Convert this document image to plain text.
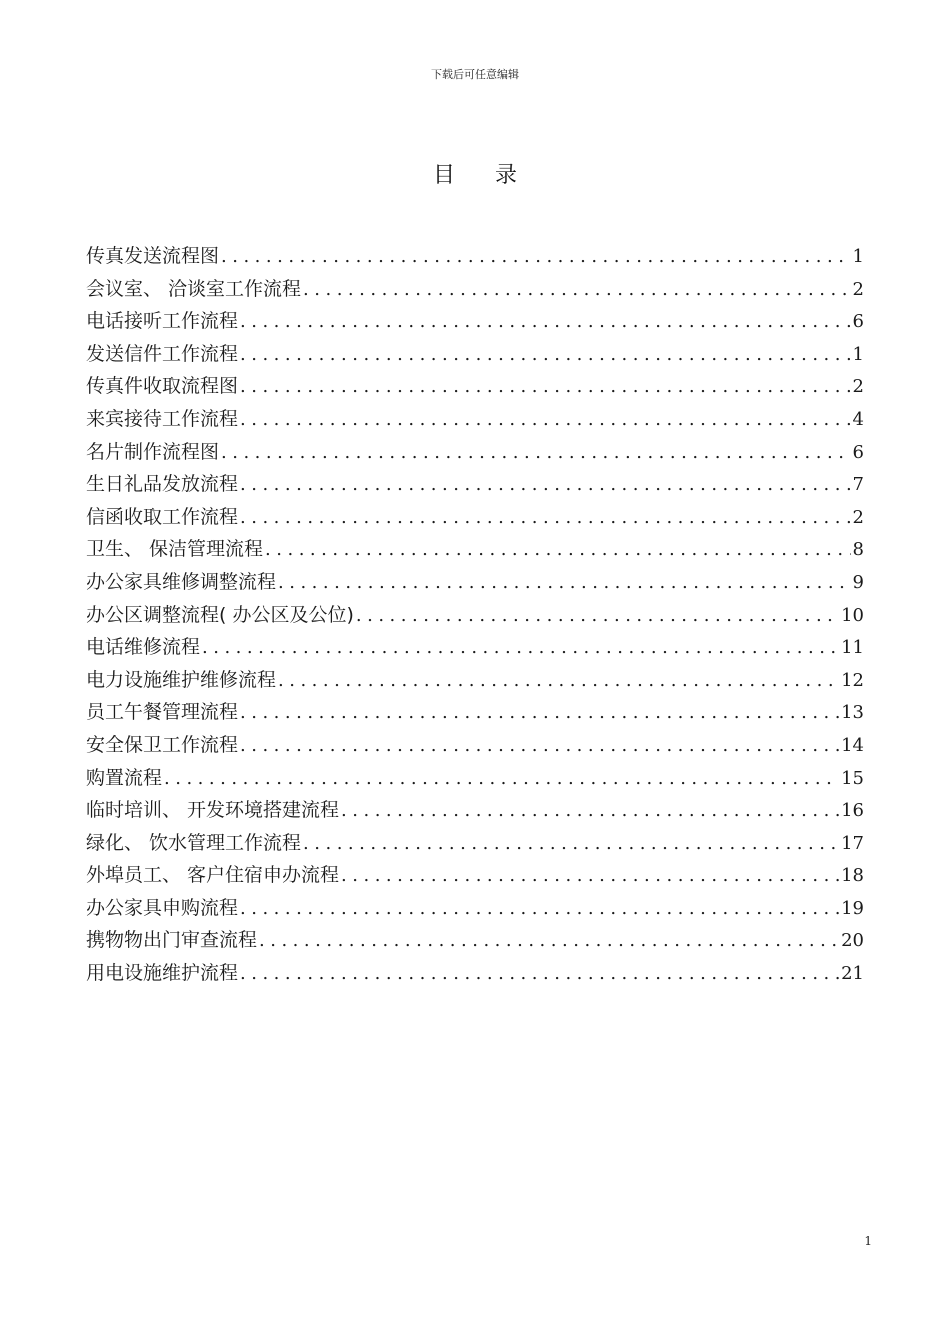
下载后可任意编辑
目录
传真发送流程图 .....	1
会议室、 洽谈室工作流程 .....	2
电话接听工作流程 .....	6
发送信件工作流程 .....	1
传真件收取流程图 .....	2
来宾接待工作流程 .....	4
名片制作流程图 .....	6
生日礼品发放流程 .....	7
信函收取工作流程 .....	2
卫生、 保洁管理流程 .....	8
办公家具维修调整流程 .....	9
办公区调整流程( 办公区及公位) .....	10
电话维修流程 .....	11
电力设施维护维修流程 .....	12
员工午餐管理流程 .....	13
安全保卫工作流程 .....	14
购置流程 .....	15
临时培训、 开发环境搭建流程 .....	16
绿化、 饮水管理工作流程 .....	17
外埠员工、 客户住宿申办流程 .....	18
办公家具申购流程 .....	19
携物物出门审查流程 .....	20
用电设施维护流程 .....	21
1
